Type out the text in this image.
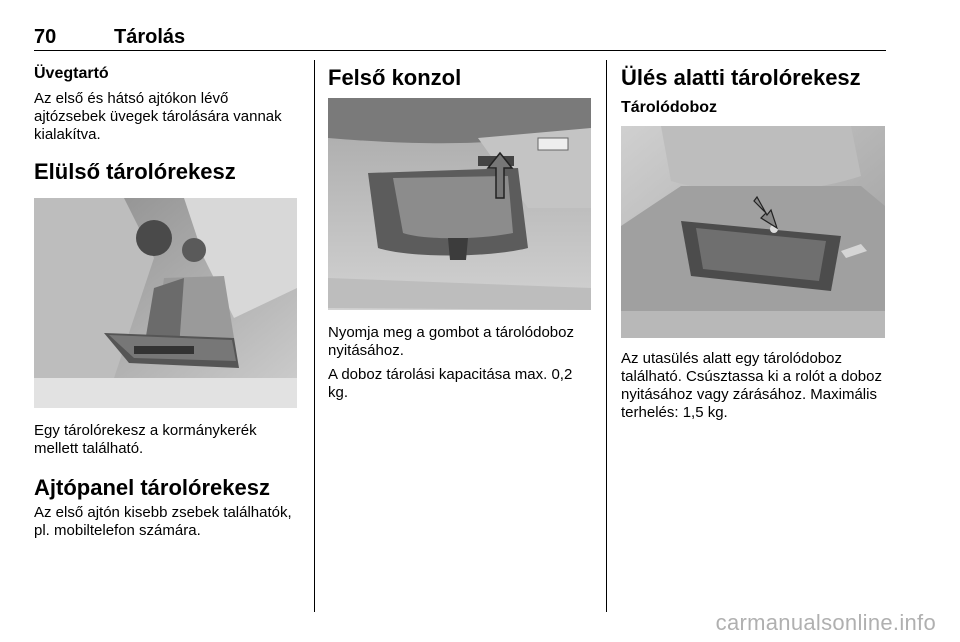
70	Tárolás
Üvegtartó
Az első és hátsó ajtókon lévő ajtózsebek üvegek tárolására vannak kialakítva.
Elülső tárolórekesz
Egy tárolórekesz a kormánykerék mellett található.
Ajtópanel tárolórekesz
Az első ajtón kisebb zsebek találhatók, pl. mobiltelefon számára.
Felső konzol
Nyomja meg a gombot a tárolódoboz nyitásához.
A doboz tárolási kapacitása max. 0,2 kg.
Ülés alatti tárolórekesz
Tárolódoboz
Az utasülés alatt egy tárolódoboz található. Csúsztassa ki a rolót a doboz nyitásához vagy zárásához. Maximális terhelés: 1,5 kg.
carmanualsonline.info
